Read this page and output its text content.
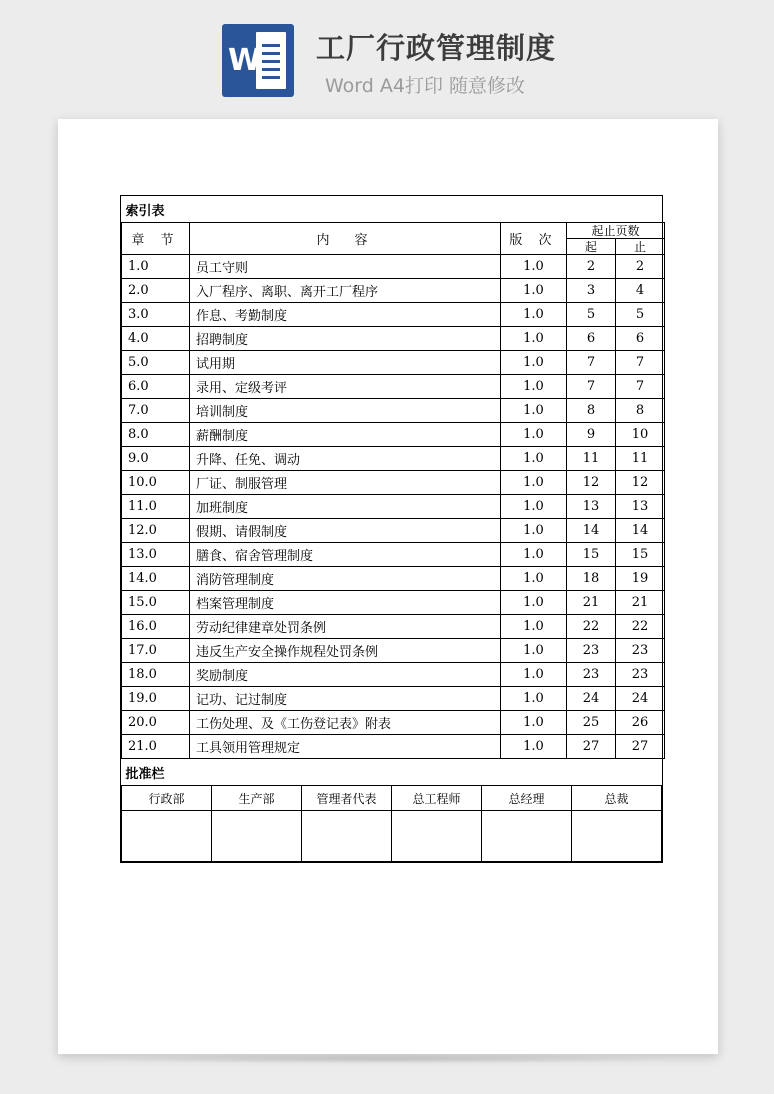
W 工厂行政管理制度
Word A4打印 随意修改
索引表				
章 节	内　容	版 次	起止页数	
			起	止
1.0	员工守则	1.0	2	2
2.0	入厂程序、离职、离开工厂程序	1.0	3	4
3.0	作息、考勤制度	1.0	5	5
4.0	招聘制度	1.0	6	6
5.0	试用期	1.0	7	7
6.0	录用、定级考评	1.0	7	7
7.0	培训制度	1.0	8	8
8.0	薪酬制度	1.0	9	10
9.0	升降、任免、调动	1.0	11	11
10.0	厂证、制服管理	1.0	12	12
11.0	加班制度	1.0	13	13
12.0	假期、请假制度	1.0	14	14
13.0	膳食、宿舍管理制度	1.0	15	15
14.0	消防管理制度	1.0	18	19
15.0	档案管理制度	1.0	21	21
16.0	劳动纪律建章处罚条例	1.0	22	22
17.0	违反生产安全操作规程处罚条例	1.0	23	23
18.0	奖励制度	1.0	23	23
19.0	记功、记过制度	1.0	24	24
20.0	工伤处理、及《工伤登记表》附表	1.0	25	26
21.0	工具领用管理规定	1.0	27	27
批准栏					
行政部	生产部	管理者代表	总工程师	总经理	总裁
